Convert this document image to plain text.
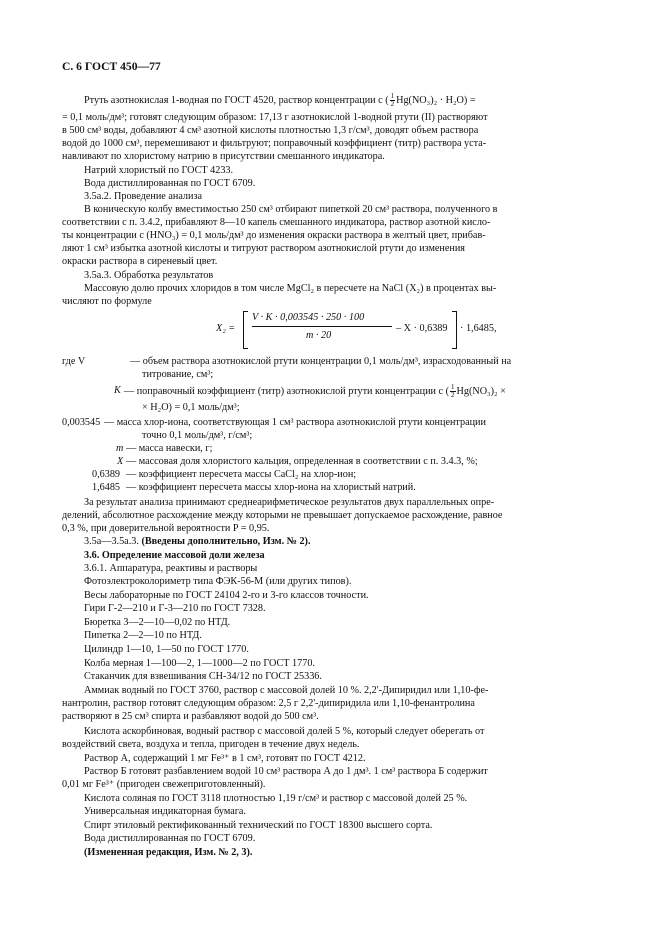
С. 6 ГОСТ 450—77
Ртуть азотнокислая 1-водная по ГОСТ 4520, раствор концентрации c ( $\frac{1}{2} Hg(NO_3)_2 \cdot H_2O$) =
= 0,1 моль/дм³; готовят следующим образом: 17,13 г азотнокислой 1-водной ртути (II) растворяют
в 500 см³ воды, добавляют 4 см³ азотной кислоты плотностью 1,3 г/см³, доводят объем раствора
водой до 1000 см³, перемешивают и фильтруют; поправочный коэффициент (титр) раствора уста-
навливают по хлористому натрию в присутствии смешанного индикатора.
Натрий хлористый по ГОСТ 4233.
Вода дистиллированная по ГОСТ 6709.
3.5а.2. Проведение анализа
В коническую колбу вместимостью 250 см³ отбирают пипеткой 20 см³ раствора, полученного в
соответствии с п. 3.4.2, прибавляют 8—10 капель смешанного индикатора, раствор азотной кисло-
ты концентрации c (HNO₃) = 0,1 моль/дм³ до изменения окраски раствора в желтый цвет, прибав-
ляют 1 см³ избытка азотной кислоты и титруют раствором азотнокислой ртути до изменения
окраски раствора в сиреневый цвет.
3.5а.3. Обработка результатов
Массовую долю прочих хлоридов в том числе MgCl₂ в пересчете на NaCl (X₂) в процентах вы-
числяют по формуле
X₂ =
V · K · 0,003545 · 250 · 100
m · 20
– X · 0,6389 · 1,6485,
где V	— объем раствора азотнокислой ртути концентрации 0,1 моль/дм³, израсходованный на
титрование, см³;
K — поправочный коэффициент (титр) азотнокислой ртути концентрации c ( $\frac{1}{2} Hg(NO_3)_2$ ×
× H₂O) = 0,1 моль/дм³;
0,003545 — масса хлор-иона, соответствующая 1 см³ раствора азотнокислой ртути концентрации
точно 0,1 моль/дм³, г/см³;
m — масса навески, г;
X — массовая доля хлористого кальция, определенная в соответствии с п. 3.4.3, %;
0,6389 — коэффициент пересчета массы CaCl₂ на хлор-ион;
1,6485 — коэффициент пересчета массы хлор-иона на хлористый натрий.
За результат анализа принимают среднеарифметическое результатов двух параллельных опре-
делений, абсолютное расхождение между которыми не превышает допускаемое расхождение, равное
0,3 %, при доверительной вероятности P = 0,95.
3.5а—3.5а.3. (Введены дополнительно, Изм. № 2).
3.6. Определение массовой доли железа
3.6.1. Аппаратура, реактивы и растворы
Фотоэлектроколориметр типа ФЭК-56-М (или других типов).
Весы лабораторные по ГОСТ 24104 2-го и 3-го классов точности.
Гири Г-2—210 и Г-3—210 по ГОСТ 7328.
Бюретка 3—2—10—0,02 по НТД.
Пипетка 2—2—10 по НТД.
Цилиндр 1—10, 1—50 по ГОСТ 1770.
Колба мерная 1—100—2, 1—1000—2 по ГОСТ 1770.
Стаканчик для взвешивания СН-34/12 по ГОСТ 25336.
Аммиак водный по ГОСТ 3760, раствор с массовой долей 10 %. 2,2'-Дипиридил или 1,10-фе-
нантролин, раствор готовят следующим образом: 2,5 г 2,2'-дипиридила или 1,10-фенантролина
растворяют в 25 см³ спирта и разбавляют водой до 500 см³.
Кислота аскорбиновая, водный раствор с массовой долей 5 %, который следует оберегать от
воздействий света, воздуха и тепла, пригоден в течение двух недель.
Раствор А, содержащий 1 мг Fe³⁺ в 1 см³, готовят по ГОСТ 4212.
Раствор Б готовят разбавлением водой 10 см³ раствора А до 1 дм³. 1 см³ раствора Б содержит
0,01 мг Fe³⁺ (пригоден свежеприготовленный).
Кислота соляная по ГОСТ 3118 плотностью 1,19 г/см³ и раствор с массовой долей 25 %.
Универсальная индикаторная бумага.
Спирт этиловый ректификованный технический по ГОСТ 18300 высшего сорта.
Вода дистиллированная по ГОСТ 6709.
(Измененная редакция, Изм. № 2, 3).
